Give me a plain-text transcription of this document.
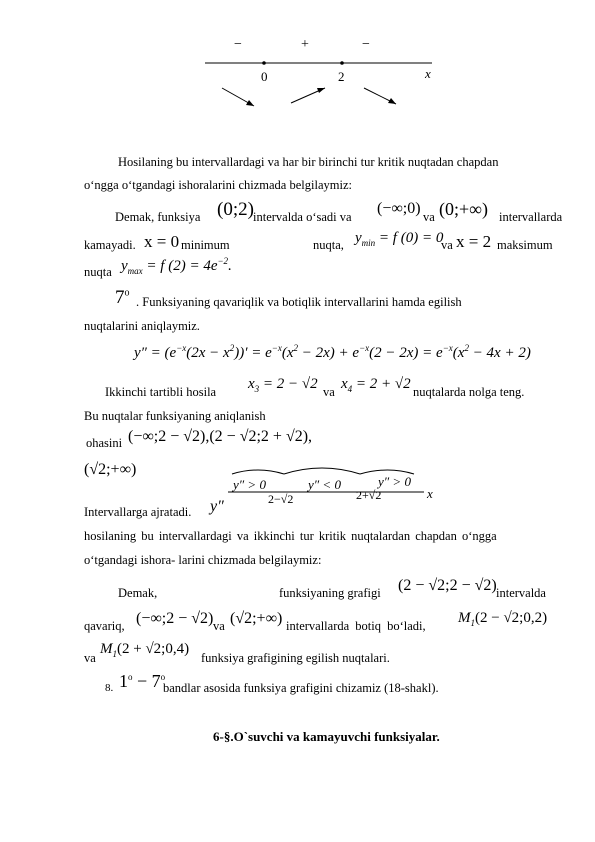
−	+	−
0	2	x
Hosilaning bu intervallardagi va har bir birinchi tur kritik nuqtadan chapdan
o‘ngga o‘tgandagi ishoralarini chizmada belgilaymiz:
Demak, funksiya (0;2) intervalda o‘sadi va (−∞;0) va (0;+∞) intervallarda
kamayadi. x = 0 minimum	nuqta, $y_{min} = f$ (0) = 0
va x = 2 maksimum
nuqta $y_{max} = f$ $(2) = 4e^{-2}$.
7$^o$
. Funksiyaning qavariqlik va botiqlik intervallarini hamda egilish
nuqtalarini aniqlaymiz.
$y'' = (e^{-x}(2x - x^2))' = e^{-x}(x^2 - 2x) + e^{-x}(2 - 2x) = e^{-x}(x^2 - 4x + 2)$
Ikkinchi tartibli hosila $x_3 = 2 - √2$ va $x_4 = 2 + √2$ nuqtalarda nolga teng.
Bu nuqtalar funksiyaning aniqlanish
ohasini (−∞;2 − √2),(2 − √2;2 + √2),
(√2;+∞)
y″ > 0	y″ < 0	y″ > 0
2−√2	2+√2	x
Intervallarga ajratadi. y″
hosilaning bu intervallardagi va ikkinchi tur kritik nuqtalardan chapdan o‘ngga
o‘tgandagi ishora- larini chizmada belgilaymiz:
Demak,	funksiyaning grafigi (2 − √2;2 − √2) intervalda
qavariq, (−∞;2 − √2) va (√2;+∞) intervallarda botiq bo‘ladi, $M_1(2$ − √2;0,2)
va
$M_1(2$ + √2;0,4)
funksiya grafigining egilish nuqtalari.
8. $1^o - 7^o$
bandlar asosida funksiya grafigini chizamiz (18-shakl).
6-§.O`suvchi va kamayuvchi funksiyalar.
